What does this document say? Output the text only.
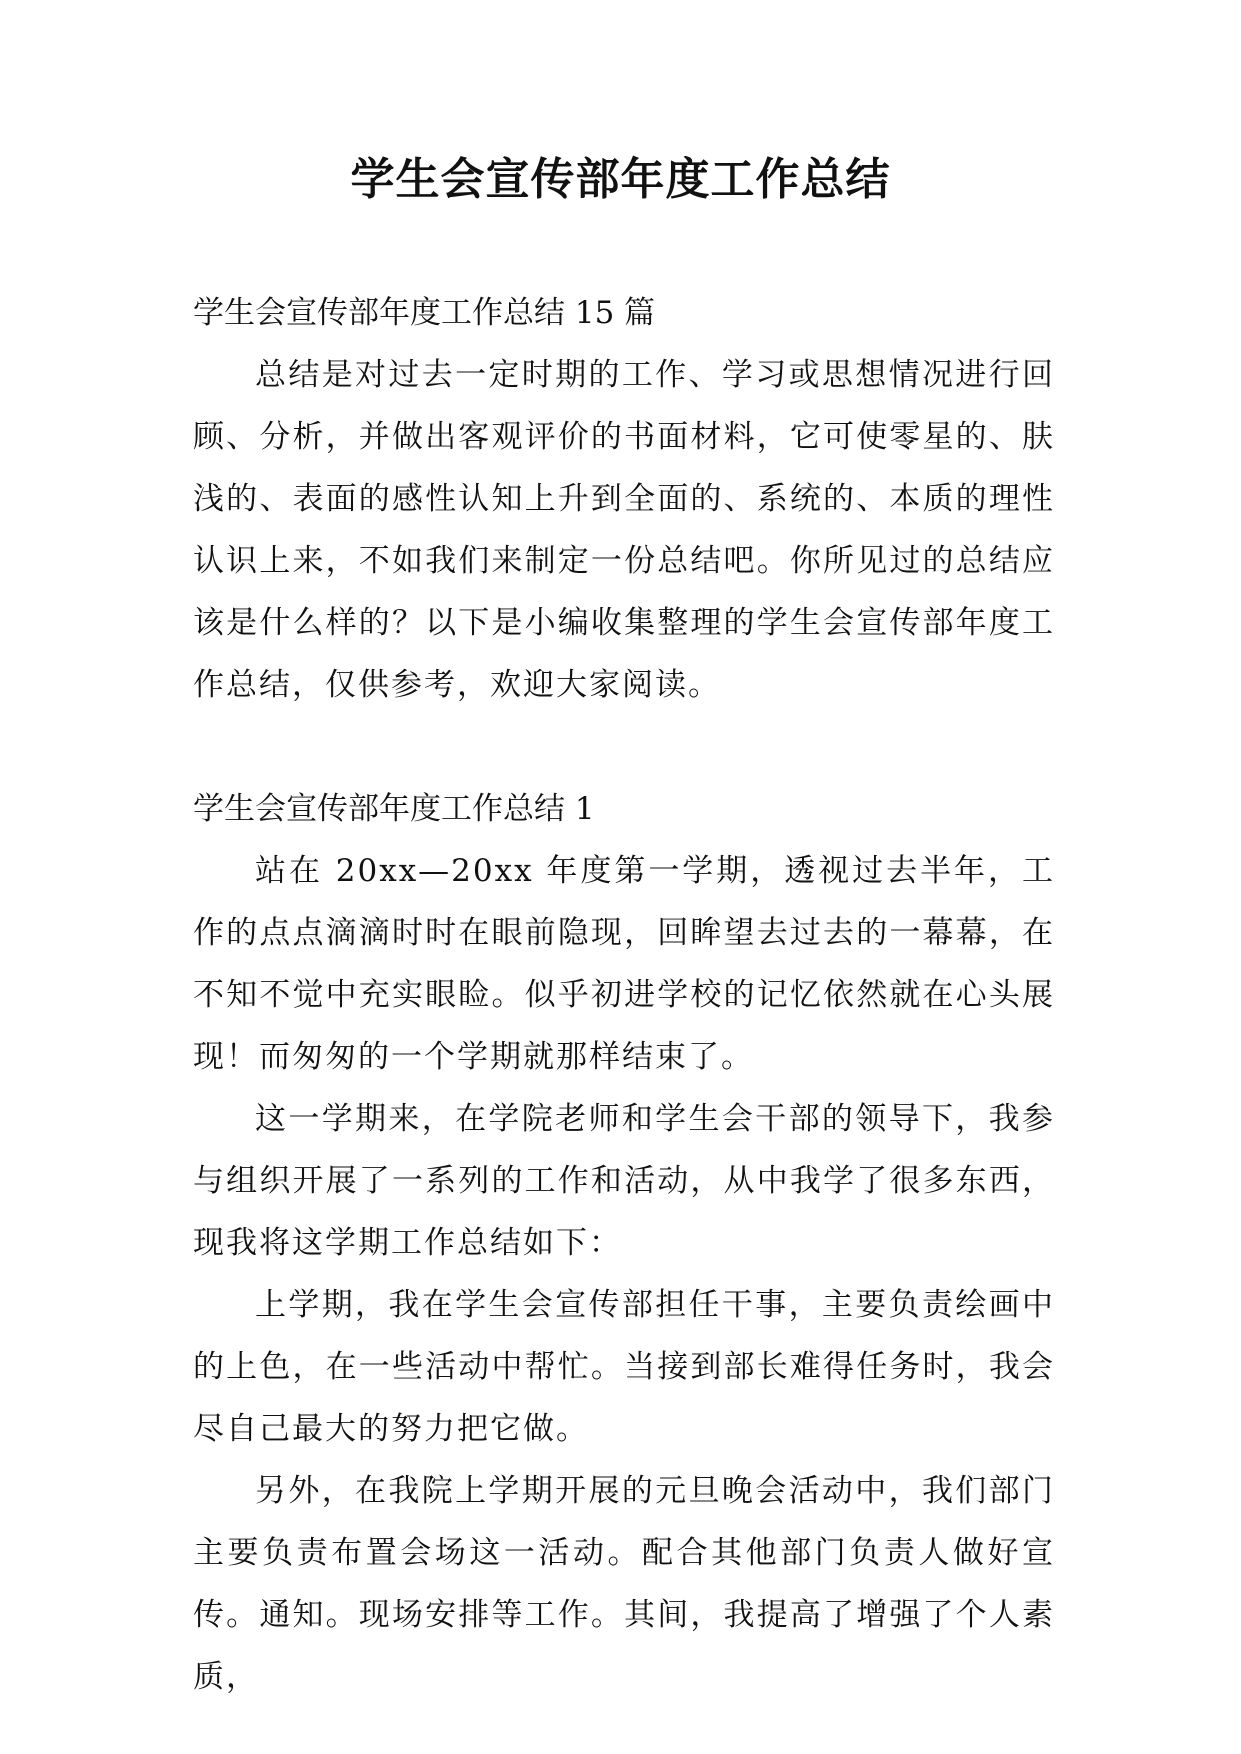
学生会宣传部年度工作总结

学生会宣传部年度工作总结 15 篇

总结是对过去一定时期的工作、学习或思想情况进行回顾、分析，并做出客观评价的书面材料，它可使零星的、肤浅的、表面的感性认知上升到全面的、系统的、本质的理性认识上来，不如我们来制定一份总结吧。你所见过的总结应该是什么样的？以下是小编收集整理的学生会宣传部年度工作总结，仅供参考，欢迎大家阅读。

学生会宣传部年度工作总结 1

站在 20xx—20xx 年度第一学期，透视过去半年，工作的点点滴滴时时在眼前隐现，回眸望去过去的一幕幕，在不知不觉中充实眼睑。似乎初进学校的记忆依然就在心头展现！而匆匆的一个学期就那样结束了。

这一学期来，在学院老师和学生会干部的领导下，我参与组织开展了一系列的工作和活动，从中我学了很多东西，现我将这学期工作总结如下：

上学期，我在学生会宣传部担任干事，主要负责绘画中的上色，在一些活动中帮忙。当接到部长难得任务时，我会尽自己最大的努力把它做。

另外，在我院上学期开展的元旦晚会活动中，我们部门主要负责布置会场这一活动。配合其他部门负责人做好宣传。通知。现场安排等工作。其间，我提高了增强了个人素质，
